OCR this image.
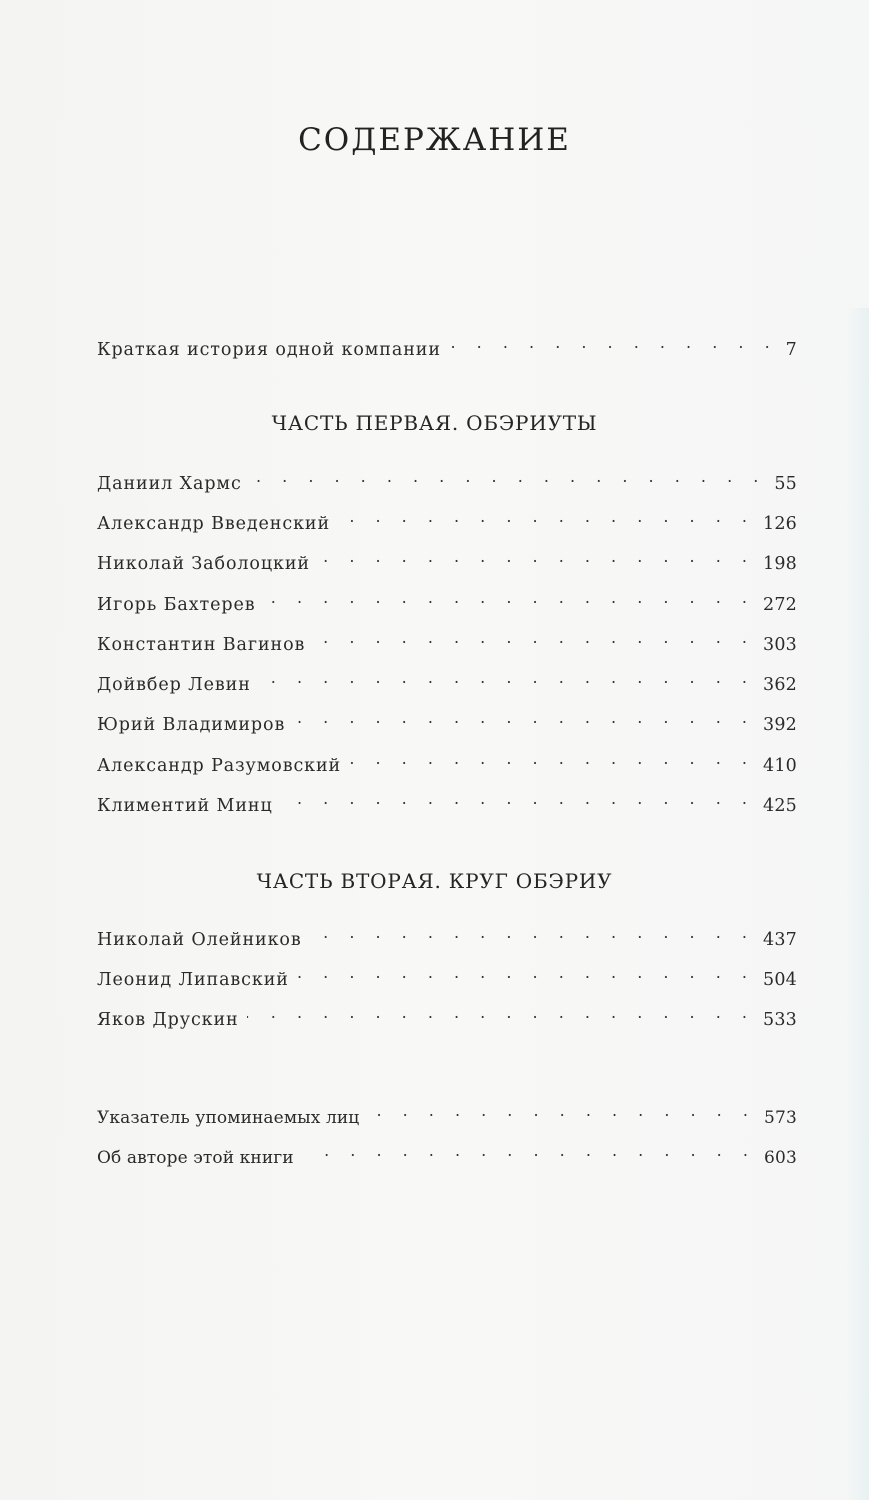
СОДЕРЖАНИЕ
Краткая история одной компании . . .	7
ЧАСТЬ ПЕРВАЯ. ОБЭРИУТЫ
Даниил Хармс . . .	55
Александр Введенский . . .	126
Николай Заболоцкий . . .	198
Игорь Бахтерев . . .	272
Константин Вагинов . . .	303
Дойвбер Левин . . .	362
Юрий Владимиров . . .	392
Александр Разумовский . . .	410
Климентий Минц . . .	425
ЧАСТЬ ВТОРАЯ. КРУГ ОБЭРИУ
Николай Олейников . . .	437
Леонид Липавский . . .	504
Яков Друскин . . .	533
Указатель упоминаемых лиц . . .	573
Об авторе этой книги . . .	603
